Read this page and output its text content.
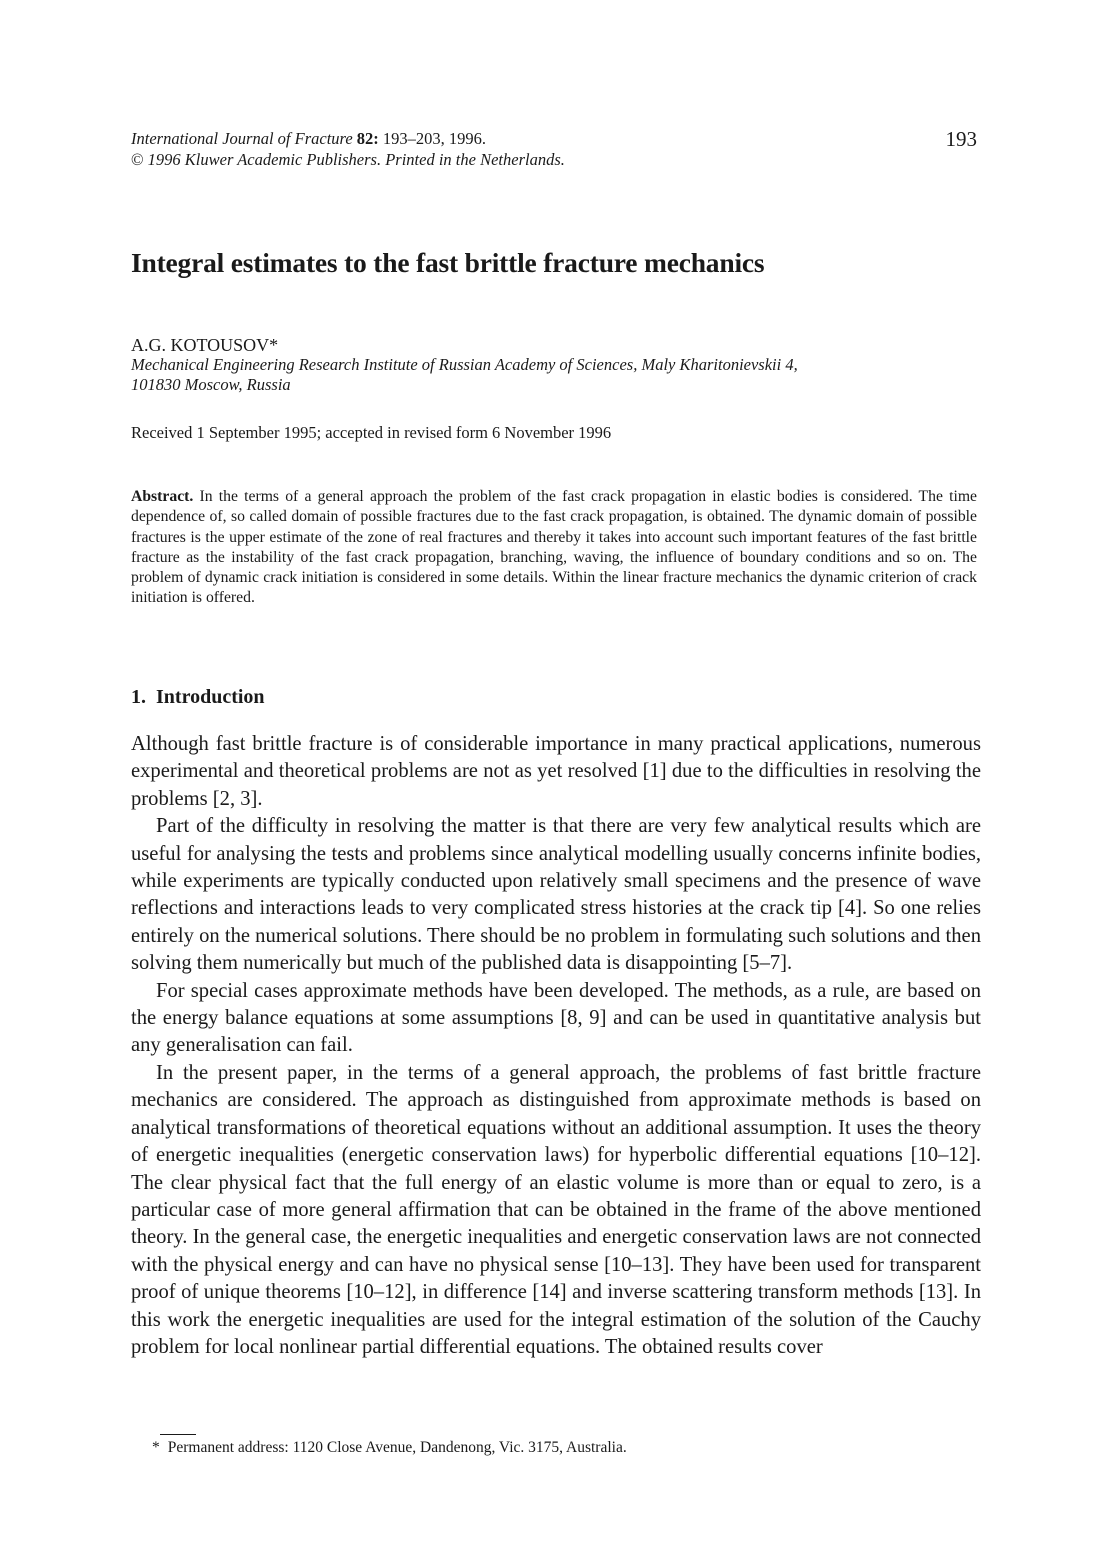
International Journal of Fracture 82: 193–203, 1996.
© 1996 Kluwer Academic Publishers. Printed in the Netherlands.
193
Integral estimates to the fast brittle fracture mechanics
A.G. KOTOUSOV*
Mechanical Engineering Research Institute of Russian Academy of Sciences, Maly Kharitonievskii 4,
101830 Moscow, Russia
Received 1 September 1995; accepted in revised form 6 November 1996
Abstract. In the terms of a general approach the problem of the fast crack propagation in elastic bodies is considered. The time dependence of, so called domain of possible fractures due to the fast crack propagation, is obtained. The dynamic domain of possible fractures is the upper estimate of the zone of real fractures and thereby it takes into account such important features of the fast brittle fracture as the instability of the fast crack propagation, branching, waving, the influence of boundary conditions and so on. The problem of dynamic crack initiation is considered in some details. Within the linear fracture mechanics the dynamic criterion of crack initiation is offered.
1. Introduction

Although fast brittle fracture is of considerable importance in many practical applications, numerous experimental and theoretical problems are not as yet resolved [1] due to the difficulties in resolving the problems [2, 3].

Part of the difficulty in resolving the matter is that there are very few analytical results which are useful for analysing the tests and problems since analytical modelling usually concerns infinite bodies, while experiments are typically conducted upon relatively small specimens and the presence of wave reflections and interactions leads to very complicated stress histories at the crack tip [4]. So one relies entirely on the numerical solutions. There should be no problem in formulating such solutions and then solving them numerically but much of the published data is disappointing [5–7].

For special cases approximate methods have been developed. The methods, as a rule, are based on the energy balance equations at some assumptions [8, 9] and can be used in quantitative analysis but any generalisation can fail.

In the present paper, in the terms of a general approach, the problems of fast brittle fracture mechanics are considered. The approach as distinguished from approximate methods is based on analytical transformations of theoretical equations without an additional assumption. It uses the theory of energetic inequalities (energetic conservation laws) for hyperbolic differential equations [10–12]. The clear physical fact that the full energy of an elastic volume is more than or equal to zero, is a particular case of more general affirmation that can be obtained in the frame of the above mentioned theory. In the general case, the energetic inequalities and energetic conservation laws are not connected with the physical energy and can have no physical sense [10–13]. They have been used for transparent proof of unique theorems [10–12], in difference [14] and inverse scattering transform methods [13]. In this work the energetic inequalities are used for the integral estimation of the solution of the Cauchy problem for local nonlinear partial differential equations. The obtained results cover

* Permanent address: 1120 Close Avenue, Dandenong, Vic. 3175, Australia.
